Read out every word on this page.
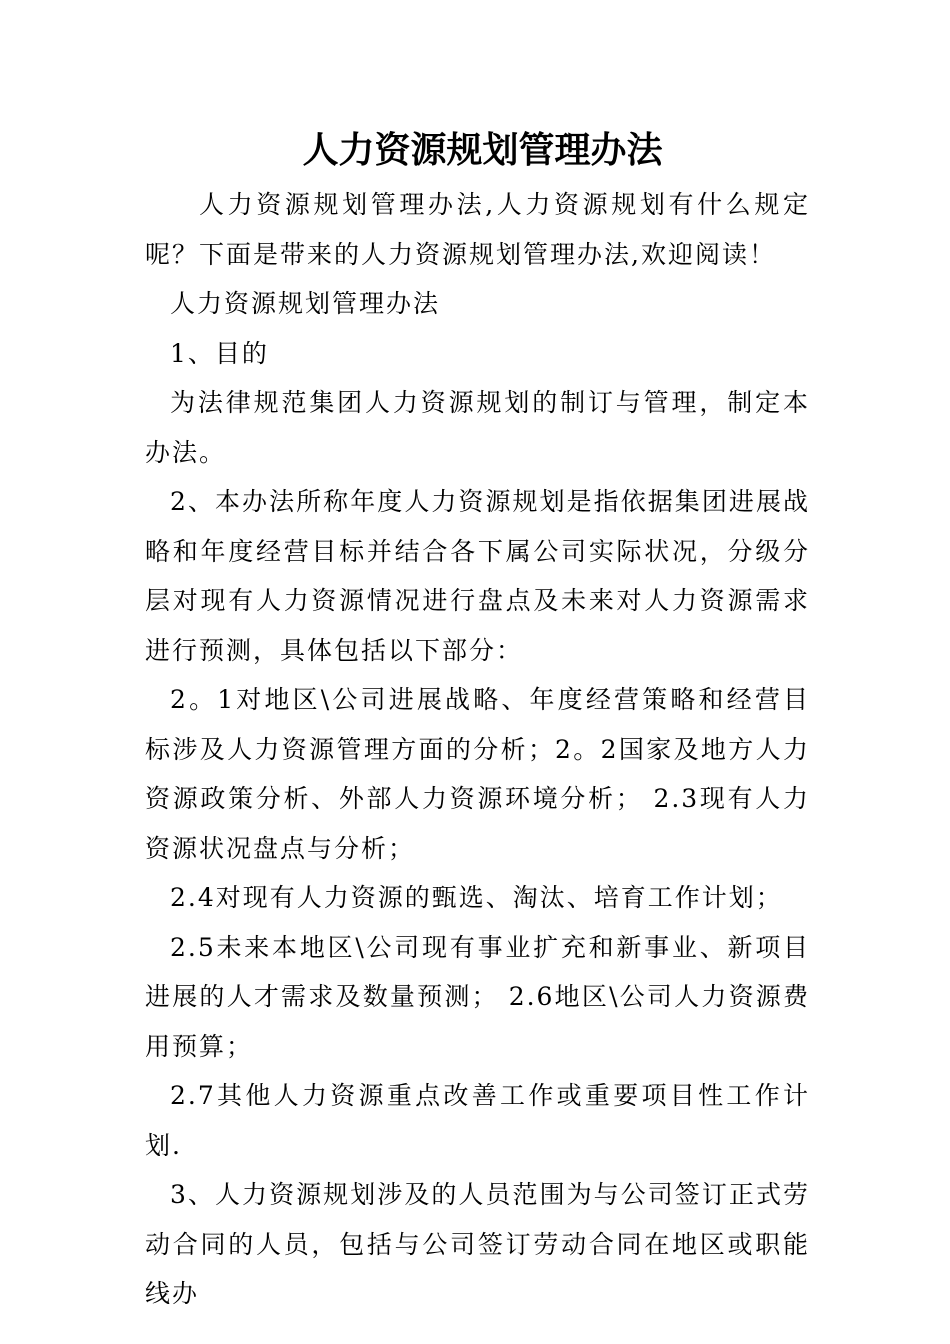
人力资源规划管理办法

人力资源规划管理办法,人力资源规划有什么规定呢？下面是带来的人力资源规划管理办法,欢迎阅读！

人力资源规划管理办法

1、目的

为法律规范集团人力资源规划的制订与管理，制定本办法。

2、本办法所称年度人力资源规划是指依据集团进展战略和年度经营目标并结合各下属公司实际状况，分级分层对现有人力资源情况进行盘点及未来对人力资源需求进行预测，具体包括以下部分：

2。1对地区\公司进展战略、年度经营策略和经营目标涉及人力资源管理方面的分析；2。2国家及地方人力资源政策分析、外部人力资源环境分析； 2.3现有人力资源状况盘点与分析；

2.4对现有人力资源的甄选、淘汰、培育工作计划；

2.5未来本地区\公司现有事业扩充和新事业、新项目进展的人才需求及数量预测； 2.6地区\公司人力资源费用预算；

2.7其他人力资源重点改善工作或重要项目性工作计划.

3、人力资源规划涉及的人员范围为与公司签订正式劳动合同的人员，包括与公司签订劳动合同在地区或职能线办
